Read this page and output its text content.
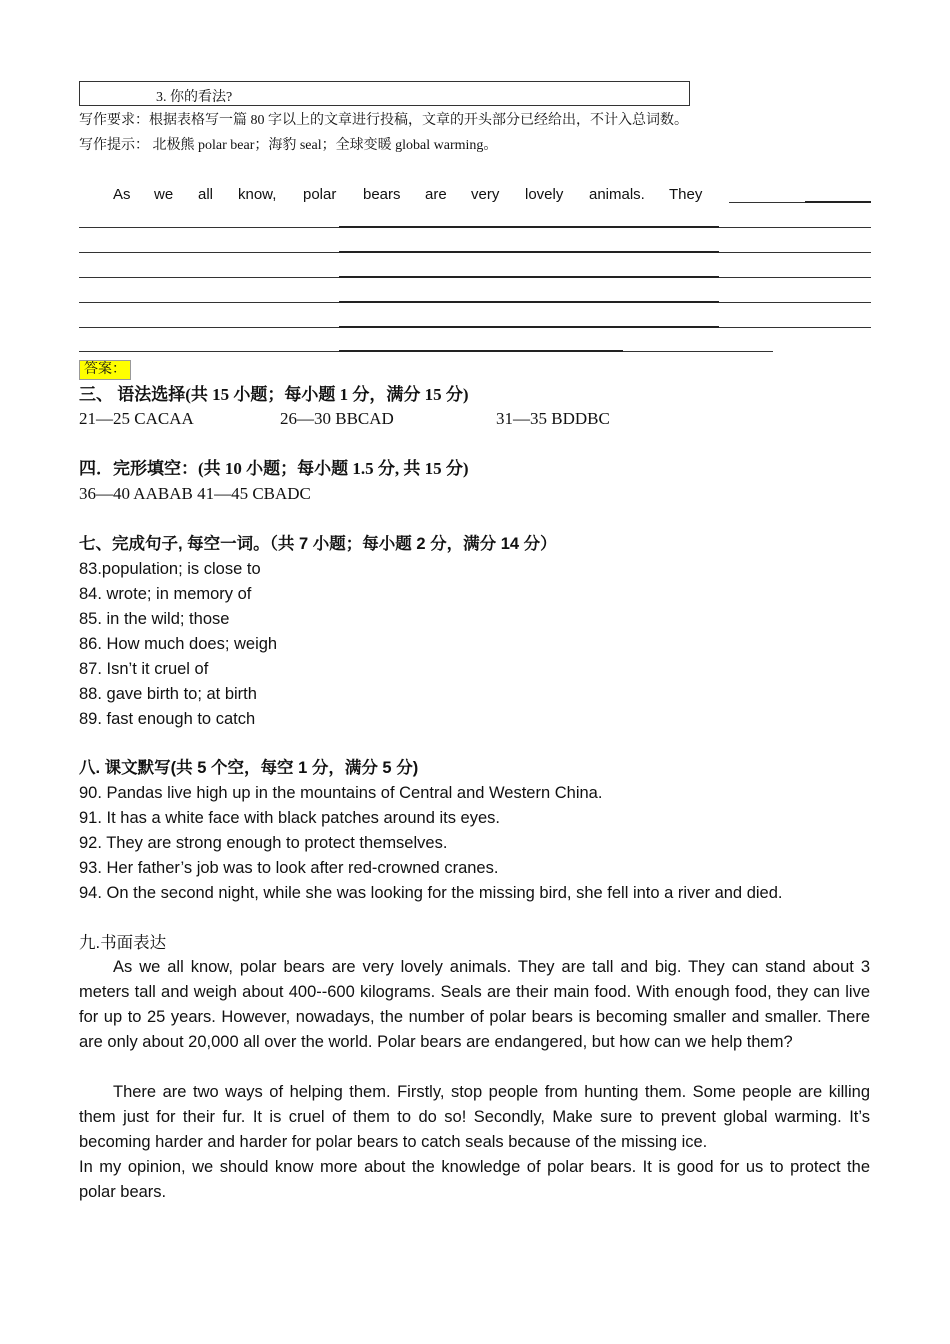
3. 你的看法?
写作要求：根据表格写一篇 80 字以上的文章进行投稿，文章的开头部分已经给出，不计入总词数。
写作提示： 北极熊 polar bear；海豹 seal；全球变暖 global warming。
As we all know, polar bears are very lovely animals. They
答案：
三、 语法选择(共 15 小题；每小题 1 分，满分 15 分)
21—25 CACAA	26—30 BBCAD	31—35 BDDBC
四．完形填空：(共 10 小题；每小题 1.5 分, 共 15 分)
36—40 AABAB 41—45 CBADC
七、完成句子, 每空一词。（共 7 小题；每小题 2 分，满分 14 分）
83.population; is close to
84. wrote; in memory of
85. in the wild; those
86. How much does; weigh
87. Isn’t it cruel of
88. gave birth to; at birth
89. fast enough to catch
八. 课文默写(共 5 个空，每空 1 分，满分 5 分)
90. Pandas live high up in the mountains of Central and Western China.
91. It has a white face with black patches around its eyes.
92. They are strong enough to protect themselves.
93. Her father’s job was to look after red-crowned cranes.
94. On the second night, while she was looking for the missing bird, she fell into a river and died.
九.书面表达
As we all know, polar bears are very lovely animals. They are tall and big. They can stand about 3 meters tall and weigh about 400--600 kilograms. Seals are their main food. With enough food, they can live for up to 25 years. However, nowadays, the number of polar bears is becoming smaller and smaller. There are only about 20,000 all over the world. Polar bears are endangered, but how can we help them?
There are two ways of helping them. Firstly, stop people from hunting them. Some people are killing them just for their fur. It is cruel of them to do so! Secondly, Make sure to prevent global warming. It’s becoming harder and harder for polar bears to catch seals because of the missing ice.
In my opinion, we should know more about the knowledge of polar bears. It is good for us to protect the polar bears.
